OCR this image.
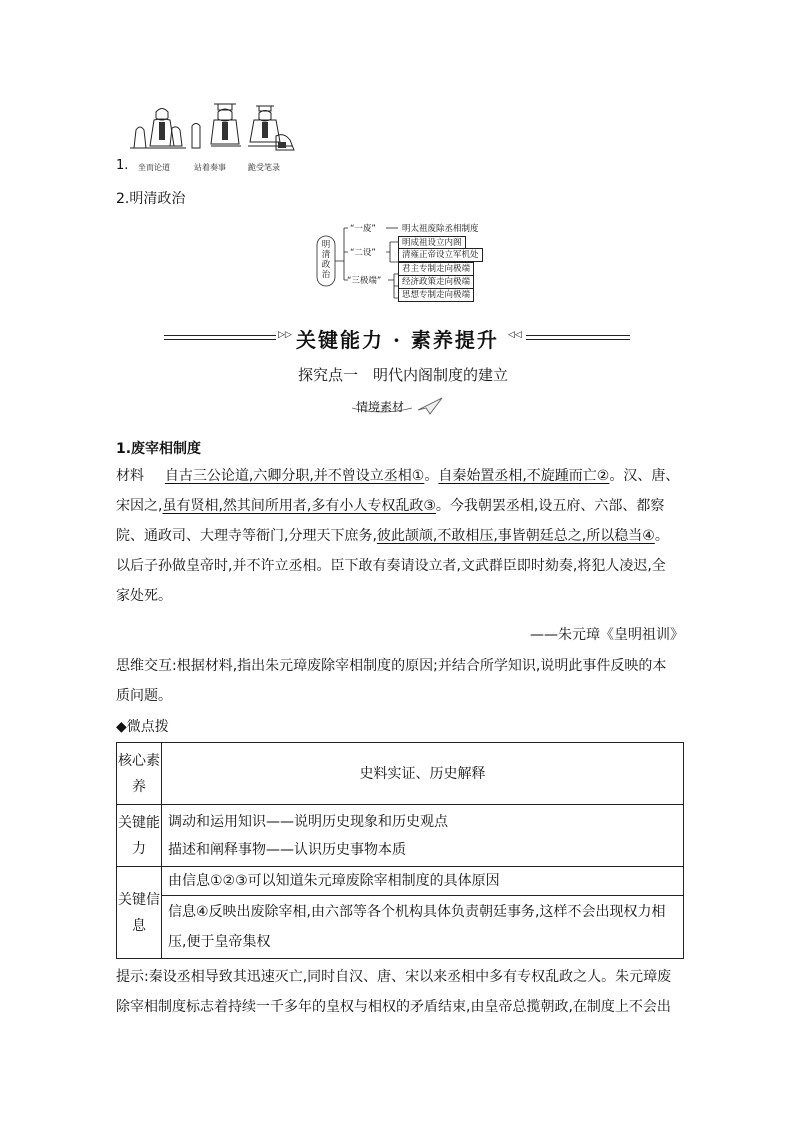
1. 坐而论道	站着奏事	跪受笔录
2.明清政治
明清政治
“一废”
“二设”
“三极端”
明太祖废除丞相制度
明成祖设立内阁
清雍正帝设立军机处
君主专制走向极端
经济政策走向极端
思想专制走向极端
▷▷ 关键能力 · 素养提升 ◁◁
探究点一　明代内阁制度的建立
情境素材
1.废宰相制度
材料 自古三公论道,六卿分职,并不曾设立丞相①。自秦始置丞相,不旋踵而亡②。汉、唐、
宋因之,虽有贤相,然其间所用者,多有小人专权乱政③。今我朝罢丞相,设五府、六部、都察
院、通政司、大理寺等衙门,分理天下庶务,彼此颉颃,不敢相压,事皆朝廷总之,所以稳当④。
以后子孙做皇帝时,并不许立丞相。臣下敢有奏请设立者,文武群臣即时劾奏,将犯人凌迟,全
家处死。
——朱元璋《皇明祖训》
思维交互:根据材料,指出朱元璋废除宰相制度的原因;并结合所学知识,说明此事件反映的本
质问题。
◆微点拨
核心素养	史料实证、历史解释
关键能力	调动和运用知识——说明历史现象和历史观点
描述和阐释事物——认识历史事物本质

关键信息	由信息①②③可以知道朱元璋废除宰相制度的具体原因
信息④反映出废除宰相,由六部等各个机构具体负责朝廷事务,这样不会出现权力相压,便于皇帝集权
提示:秦设丞相导致其迅速灭亡,同时自汉、唐、宋以来丞相中多有专权乱政之人。朱元璋废
除宰相制度标志着持续一千多年的皇权与相权的矛盾结束,由皇帝总揽朝政,在制度上不会出
